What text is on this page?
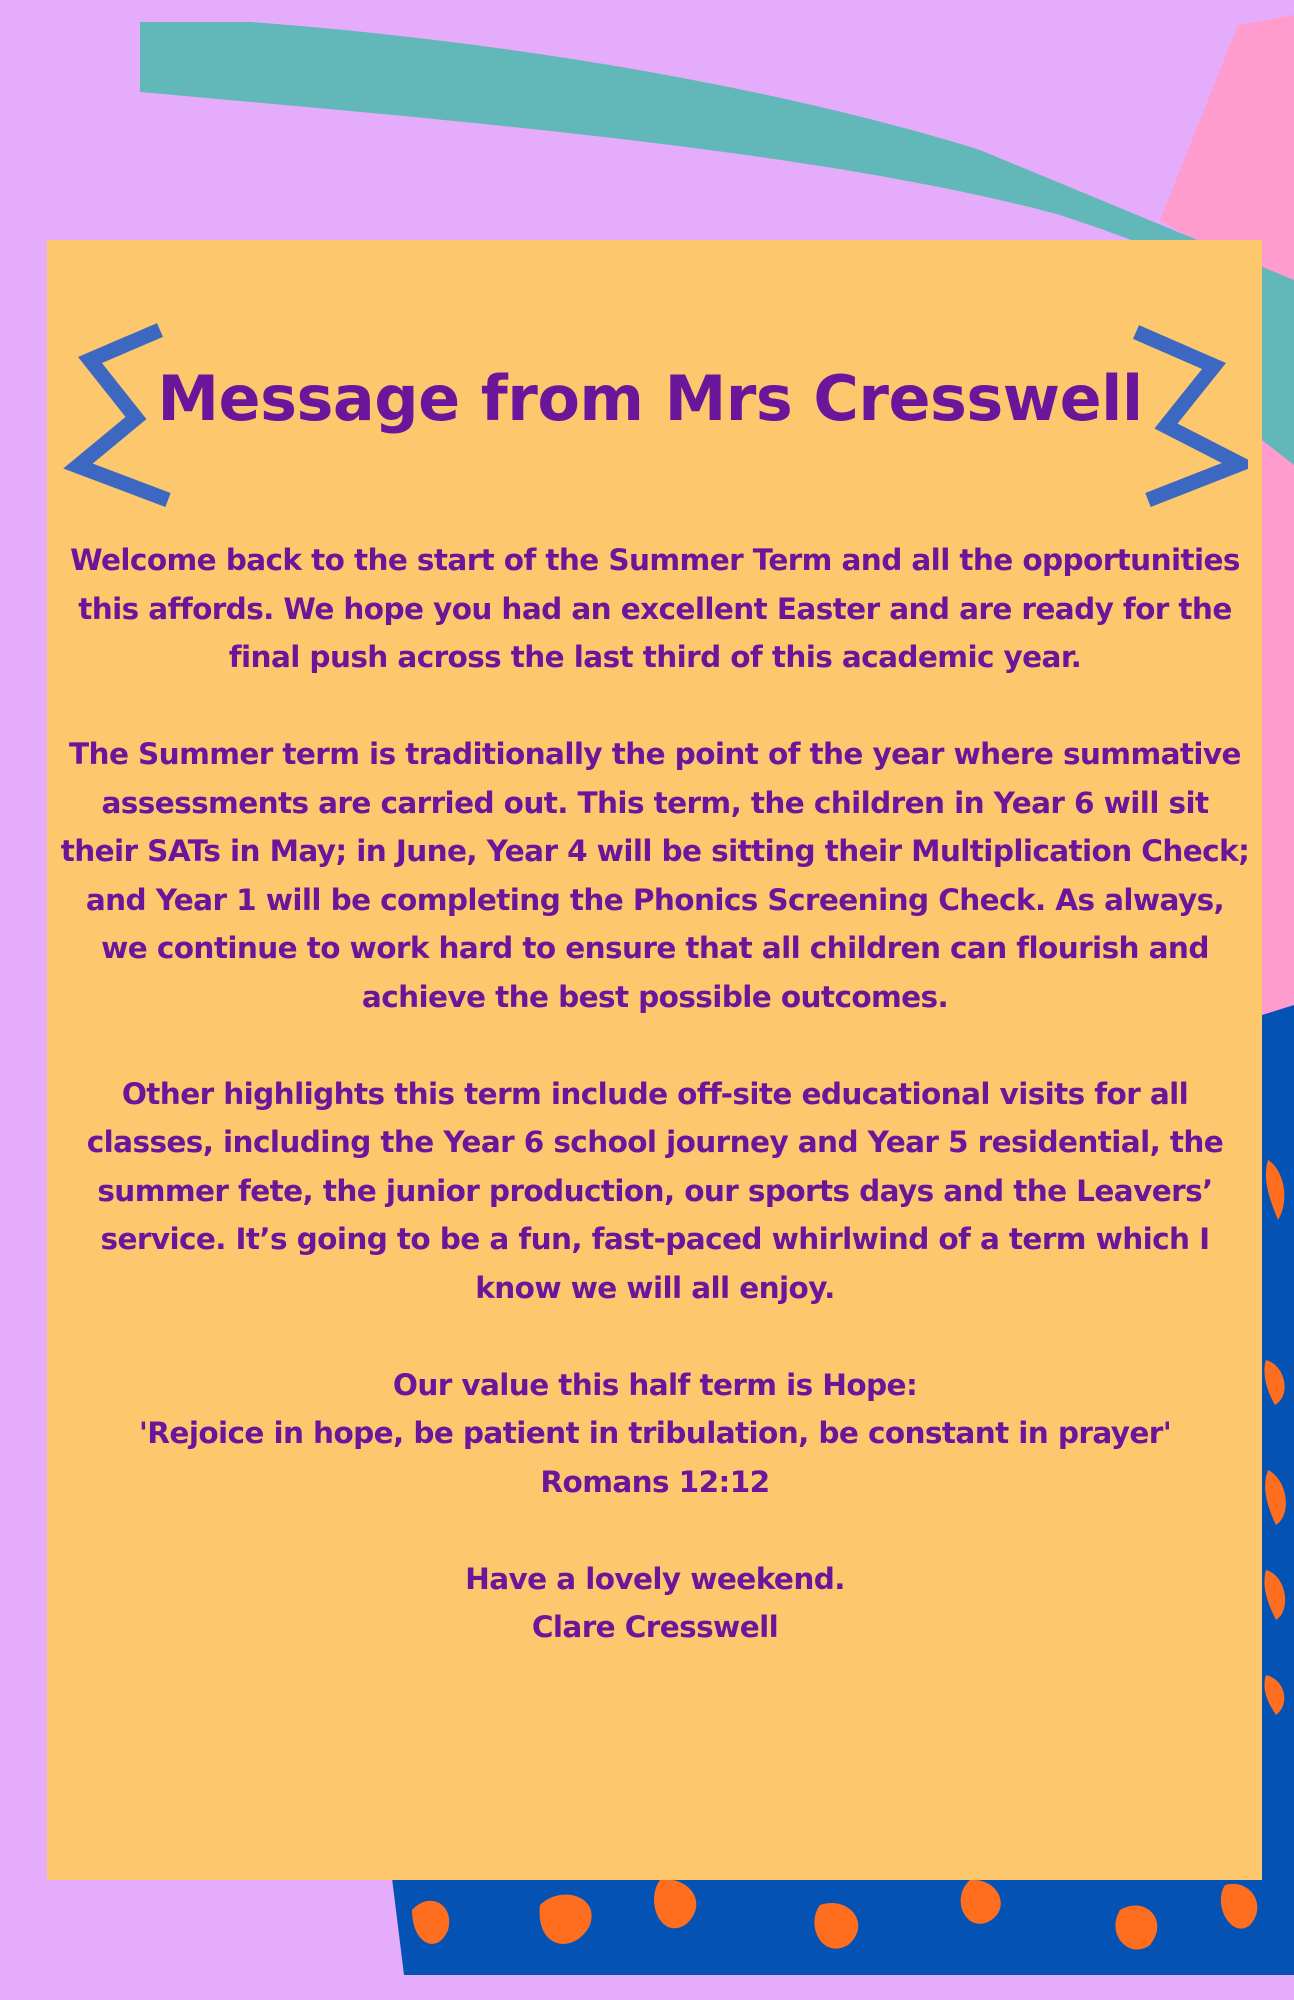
Message from Mrs Cresswell

Welcome back to the start of the Summer Term and all the opportunities this affords. We hope you had an excellent Easter and are ready for the final push across the last third of this academic year.

The Summer term is traditionally the point of the year where summative assessments are carried out. This term, the children in Year 6 will sit their SATs in May; in June, Year 4 will be sitting their Multiplication Check; and Year 1 will be completing the Phonics Screening Check. As always, we continue to work hard to ensure that all children can flourish and achieve the best possible outcomes.

Other highlights this term include off-site educational visits for all classes, including the Year 6 school journey and Year 5 residential, the summer fete, the junior production, our sports days and the Leavers’ service. It’s going to be a fun, fast-paced whirlwind of a term which I know we will all enjoy.

Our value this half term is Hope:
'Rejoice in hope, be patient in tribulation, be constant in prayer'
Romans 12:12

Have a lovely weekend.
Clare Cresswell
